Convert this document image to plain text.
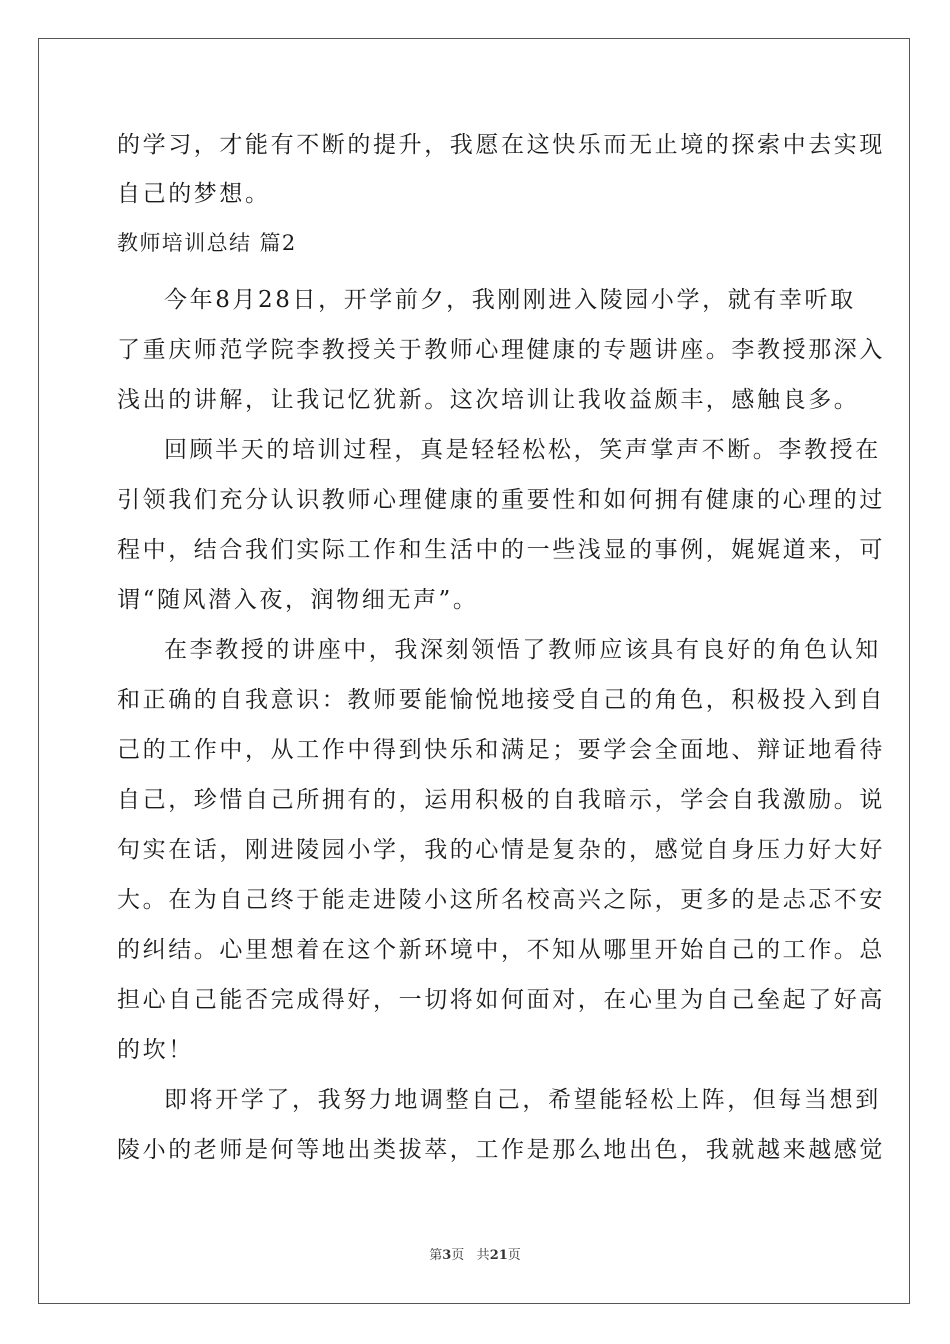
的学习，才能有不断的提升，我愿在这快乐而无止境的探索中去实现
自己的梦想。
教师培训总结 篇2
今年8月28日，开学前夕，我刚刚进入陵园小学，就有幸听取
了重庆师范学院李教授关于教师心理健康的专题讲座。李教授那深入
浅出的讲解，让我记忆犹新。这次培训让我收益颇丰，感触良多。
回顾半天的培训过程，真是轻轻松松，笑声掌声不断。李教授在
引领我们充分认识教师心理健康的重要性和如何拥有健康的心理的过
程中，结合我们实际工作和生活中的一些浅显的事例，娓娓道来，可
谓“随风潜入夜，润物细无声”。
在李教授的讲座中，我深刻领悟了教师应该具有良好的角色认知
和正确的自我意识：教师要能愉悦地接受自己的角色，积极投入到自
己的工作中，从工作中得到快乐和满足；要学会全面地、辩证地看待
自己，珍惜自己所拥有的，运用积极的自我暗示，学会自我激励。说
句实在话，刚进陵园小学，我的心情是复杂的，感觉自身压力好大好
大。在为自己终于能走进陵小这所名校高兴之际，更多的是忐忑不安
的纠结。心里想着在这个新环境中，不知从哪里开始自己的工作。总
担心自己能否完成得好，一切将如何面对，在心里为自己垒起了好高
的坎！
即将开学了，我努力地调整自己，希望能轻松上阵，但每当想到
陵小的老师是何等地出类拔萃，工作是那么地出色，我就越来越感觉
第3页 共21页
